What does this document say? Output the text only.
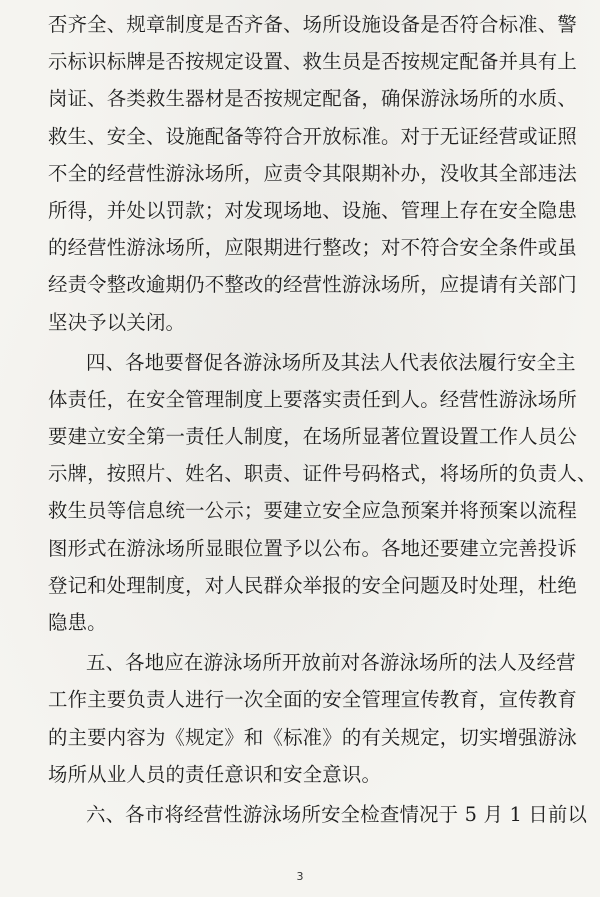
否齐全、规章制度是否齐备、场所设施设备是否符合标准、警
示标识标牌是否按规定设置、救生员是否按规定配备并具有上
岗证、各类救生器材是否按规定配备，确保游泳场所的水质、
救生、安全、设施配备等符合开放标准。对于无证经营或证照
不全的经营性游泳场所，应责令其限期补办，没收其全部违法
所得，并处以罚款；对发现场地、设施、管理上存在安全隐患
的经营性游泳场所，应限期进行整改；对不符合安全条件或虽
经责令整改逾期仍不整改的经营性游泳场所，应提请有关部门
坚决予以关闭。
四、各地要督促各游泳场所及其法人代表依法履行安全主
体责任，在安全管理制度上要落实责任到人。经营性游泳场所
要建立安全第一责任人制度，在场所显著位置设置工作人员公
示牌，按照片、姓名、职责、证件号码格式，将场所的负责人、
救生员等信息统一公示；要建立安全应急预案并将预案以流程
图形式在游泳场所显眼位置予以公布。各地还要建立完善投诉
登记和处理制度，对人民群众举报的安全问题及时处理，杜绝
隐患。
五、各地应在游泳场所开放前对各游泳场所的法人及经营
工作主要负责人进行一次全面的安全管理宣传教育，宣传教育
的主要内容为《规定》和《标准》的有关规定，切实增强游泳
场所从业人员的责任意识和安全意识。
六、各市将经营性游泳场所安全检查情况于 5 月 1 日前以
3
